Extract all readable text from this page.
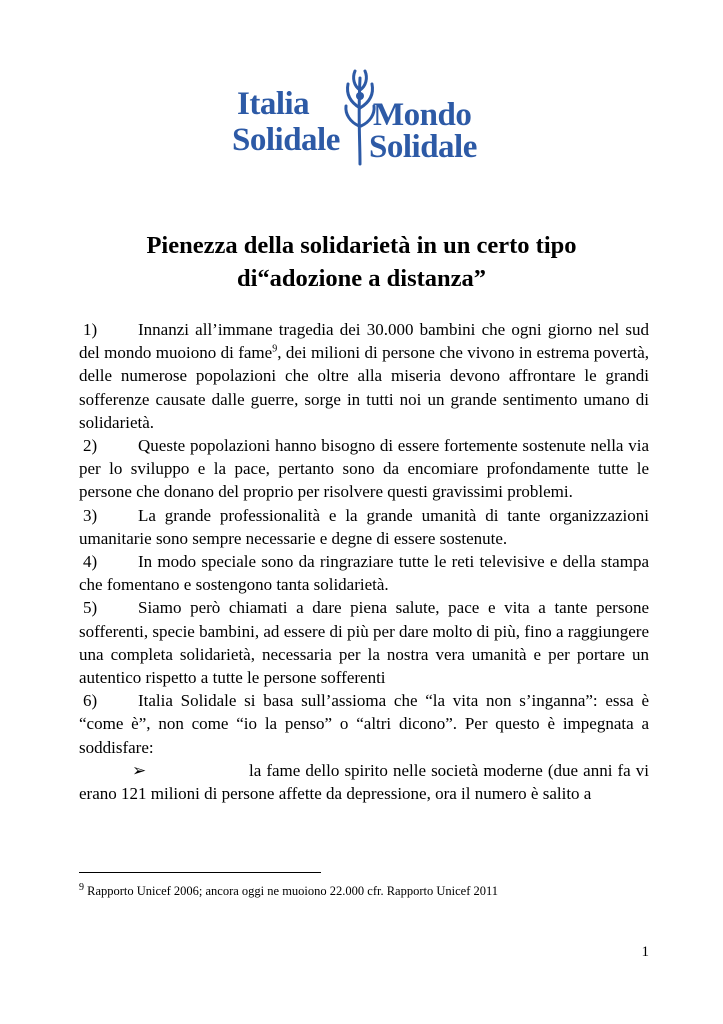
Italia
Solidale
Mondo
Solidale
Pienezza della solidarietà in un certo tipo
di“adozione a distanza”
1) Innanzi all’immane tragedia dei 30.000 bambini che ogni giorno nel sud del mondo muoiono di fame$^9$, dei milioni di persone che vivono in estrema povertà, delle numerose popolazioni che oltre alla miseria devono affrontare le grandi sofferenze causate dalle guerre, sorge in tutti noi un grande sentimento umano di solidarietà.
2) Queste popolazioni hanno bisogno di essere fortemente sostenute nella via per lo sviluppo e la pace, pertanto sono da encomiare profondamente tutte le persone che donano del proprio per risolvere questi gravissimi problemi.
3) La grande professionalità e la grande umanità di tante organizzazioni umanitarie sono sempre necessarie e degne di essere sostenute.
4) In modo speciale sono da ringraziare tutte le reti televisive e della stampa che fomentano e sostengono tanta solidarietà.
5) Siamo però chiamati a dare piena salute, pace e vita a tante persone sofferenti, specie bambini, ad essere di più per dare molto di più, fino a raggiungere una completa solidarietà, necessaria per la nostra vera umanità e per portare un autentico rispetto a tutte le persone sofferenti
6) Italia Solidale si basa sull’assioma che “la vita non s’inganna”: essa è “come è”, non come “io la penso” o “altri dicono”. Per questo è impegnata a soddisfare:
➢	la fame dello spirito nelle società moderne (due anni fa vi erano 121 milioni di persone affette da depressione, ora il numero è salito a
$^9$ Rapporto Unicef 2006; ancora oggi ne muoiono 22.000 cfr. Rapporto Unicef 2011
1
